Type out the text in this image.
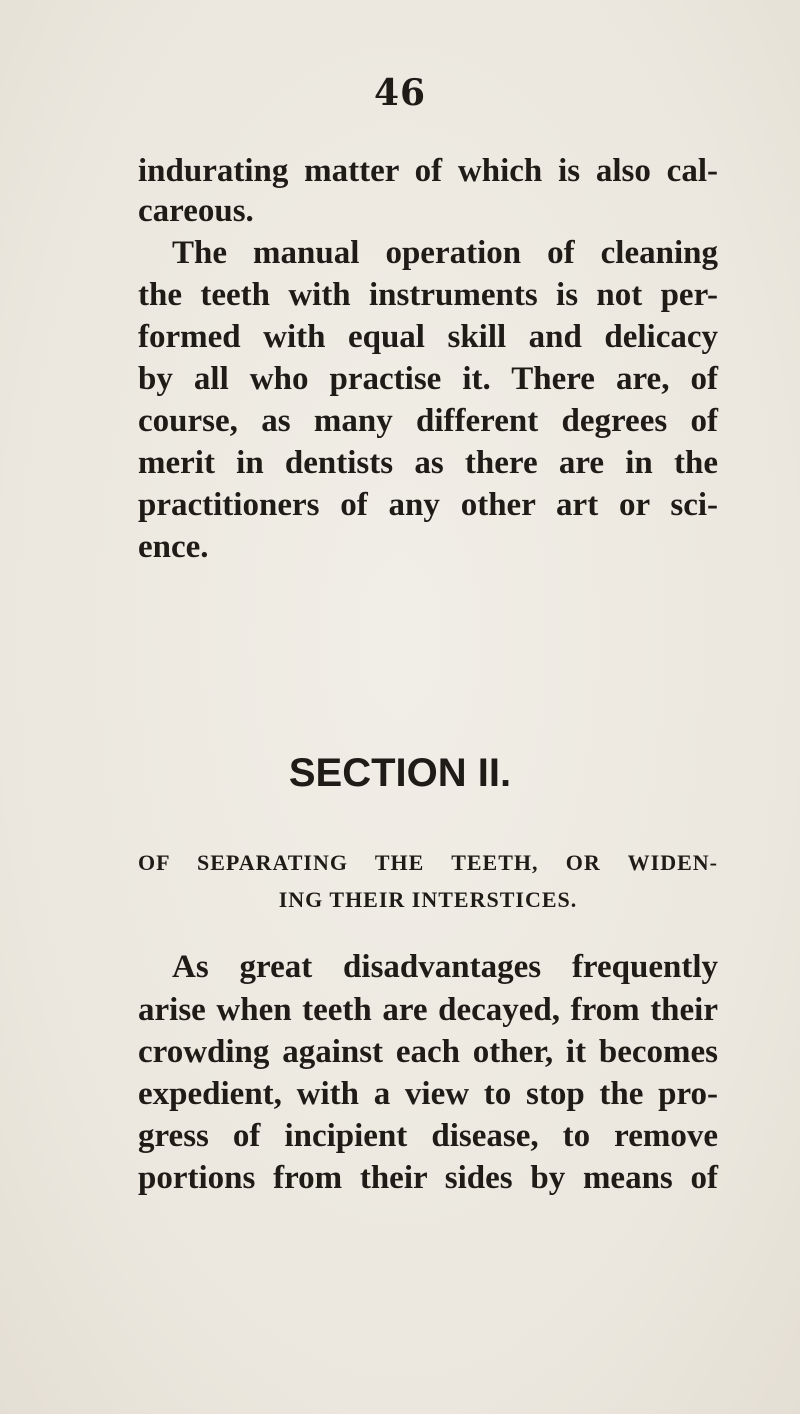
46
indurating matter of which is also cal-
careous.
The manual operation of cleaning
the teeth with instruments is not per-
formed with equal skill and delicacy
by all who practise it. There are, of
course, as many different degrees of
merit in dentists as there are in the
practitioners of any other art or sci-
ence.
SECTION II.
OF SEPARATING THE TEETH, OR WIDEN-
ING THEIR INTERSTICES.
As great disadvantages frequently
arise when teeth are decayed, from their
crowding against each other, it becomes
expedient, with a view to stop the pro-
gress of incipient disease, to remove
portions from their sides by means of
